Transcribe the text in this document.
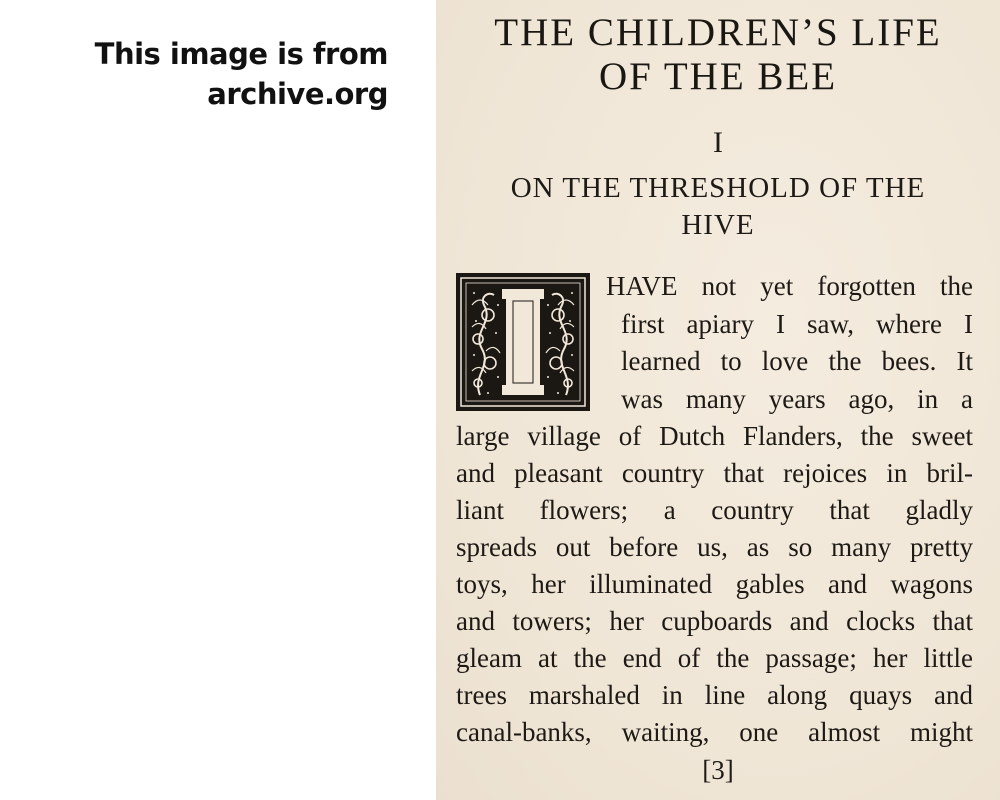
This image is from
archive.org
THE CHILDREN’S LIFE
OF THE BEE
I
ON THE THRESHOLD OF THE
HIVE
HAVE not yet forgotten the
first apiary I saw, where I
learned to love the bees. It
was many years ago, in a
large village of Dutch Flanders, the sweet
and pleasant country that rejoices in bril-
liant flowers; a country that gladly
spreads out before us, as so many pretty
toys, her illuminated gables and wagons
and towers; her cupboards and clocks that
gleam at the end of the passage; her little
trees marshaled in line along quays and
canal-banks, waiting, one almost might
[3]
